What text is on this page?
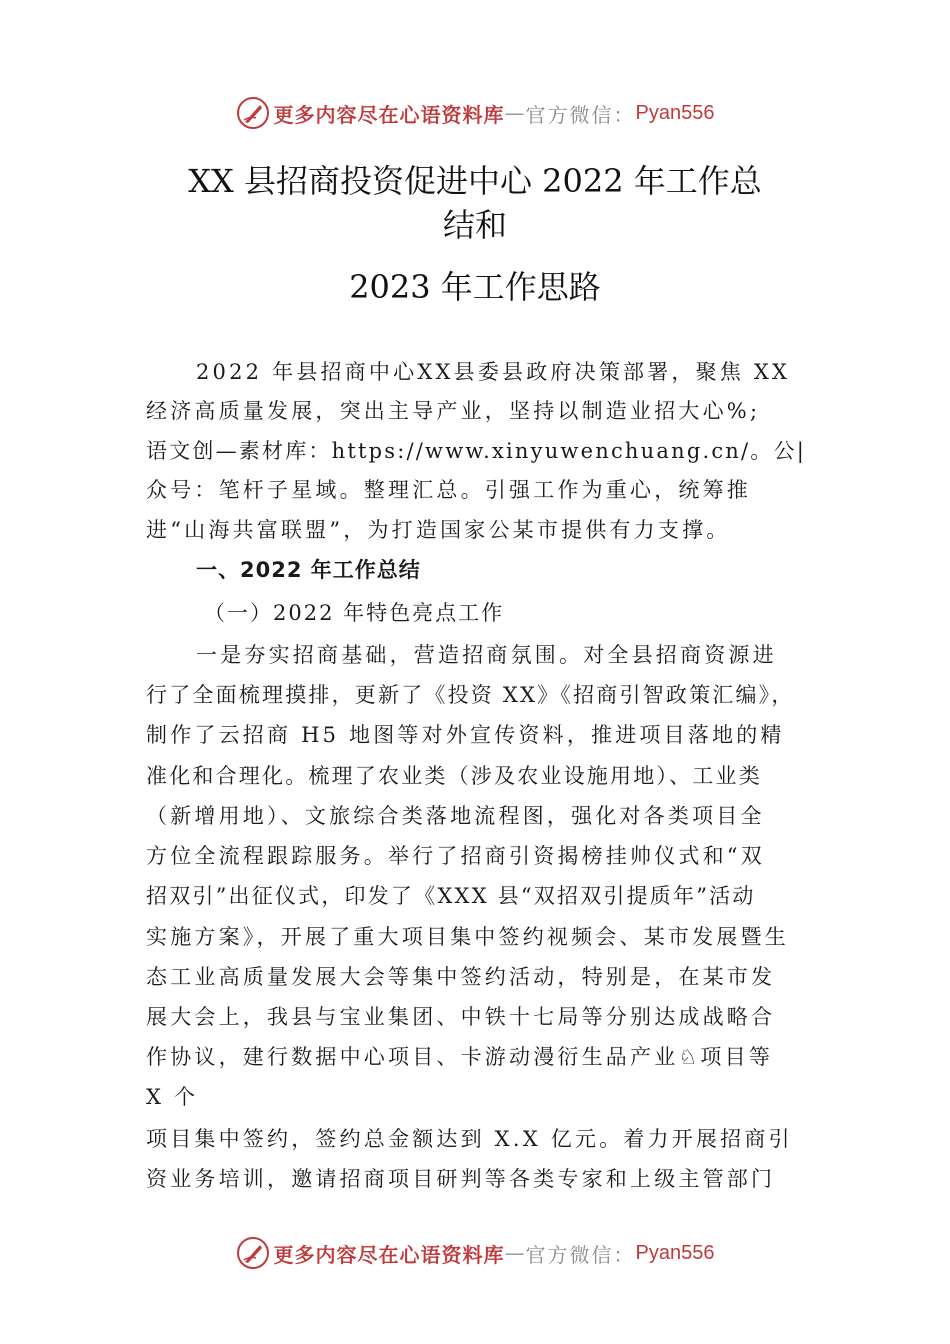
更多内容尽在心语资料库 — 官方微信： Pyan556
XX 县招商投资促进中心 2022 年工作总
结和
2023 年工作思路
2022 年县招商中心XX县委县政府决策部署，聚焦 XX
经济高质量发展，突出主导产业，坚持以制造业招大心%;
语文创—素材库：https://www.xinyuwenchuang.cn/。公|
众号：笔杆子星域。整理汇总。引强工作为重心，统筹推
进“山海共富联盟”，为打造国家公某市提供有力支撑。
一、2022 年工作总结
（一）2022 年特色亮点工作
一是夯实招商基础，营造招商氛围。对全县招商资源进
行了全面梳理摸排，更新了《投资 XX》《招商引智政策汇编》，
制作了云招商 H5 地图等对外宣传资料，推进项目落地的精
准化和合理化。梳理了农业类（涉及农业设施用地）、工业类
（新增用地）、文旅综合类落地流程图，强化对各类项目全
方位全流程跟踪服务。举行了招商引资揭榜挂帅仪式和“双
招双引”出征仪式，印发了《XXX 县“双招双引提质年”活动
实施方案》，开展了重大项目集中签约视频会、某市发展暨生
态工业高质量发展大会等集中签约活动，特别是，在某市发
展大会上，我县与宝业集团、中铁十七局等分别达成战略合
作协议，建行数据中心项目、卡游动漫衍生品产业♘项目等
X 个
项目集中签约，签约总金额达到 X.X 亿元。着力开展招商引
资业务培训，邀请招商项目研判等各类专家和上级主管部门
更多内容尽在心语资料库 — 官方微信： Pyan556
